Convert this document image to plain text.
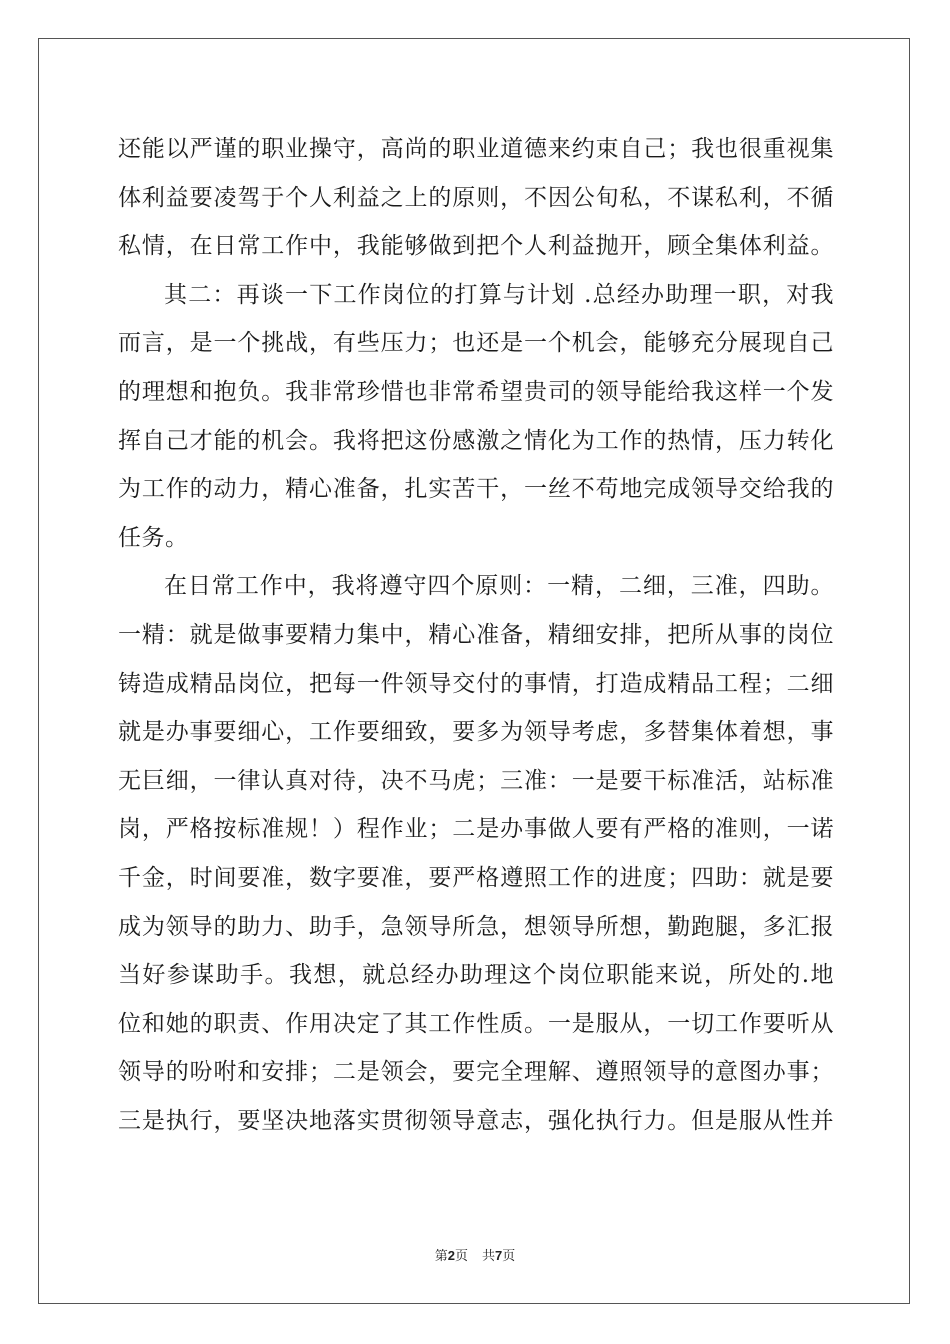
还能以严谨的职业操守，高尚的职业道德来约束自己；我也很重视集
体利益要凌驾于个人利益之上的原则，不因公旬私，不谋私利，不循
私情，在日常工作中，我能够做到把个人利益抛开，顾全集体利益。
其二：再谈一下工作岗位的打算与计划 .总经办助理一职，对我
而言，是一个挑战，有些压力；也还是一个机会，能够充分展现自己
的理想和抱负。我非常珍惜也非常希望贵司的领导能给我这样一个发
挥自己才能的机会。我将把这份感激之情化为工作的热情，压力转化
为工作的动力，精心准备，扎实苦干，一丝不苟地完成领导交给我的
任务。
在日常工作中，我将遵守四个原则：一精，二细，三准，四助。
一精：就是做事要精力集中，精心准备，精细安排，把所从事的岗位
铸造成精品岗位，把每一件领导交付的事情，打造成精品工程；二细
就是办事要细心，工作要细致，要多为领导考虑，多替集体着想，事
无巨细，一律认真对待，决不马虎；三准：一是要干标准活，站标准
岗，严格按标准规！）程作业；二是办事做人要有严格的准则，一诺
千金，时间要准，数字要准，要严格遵照工作的进度；四助：就是要
成为领导的助力、助手，急领导所急，想领导所想，勤跑腿，多汇报
当好参谋助手。我想，就总经办助理这个岗位职能来说，所处的.地
位和她的职责、作用决定了其工作性质。一是服从，一切工作要听从
领导的吩咐和安排；二是领会，要完全理解、遵照领导的意图办事；
三是执行，要坚决地落实贯彻领导意志，强化执行力。但是服从性并
第2页 共7页
